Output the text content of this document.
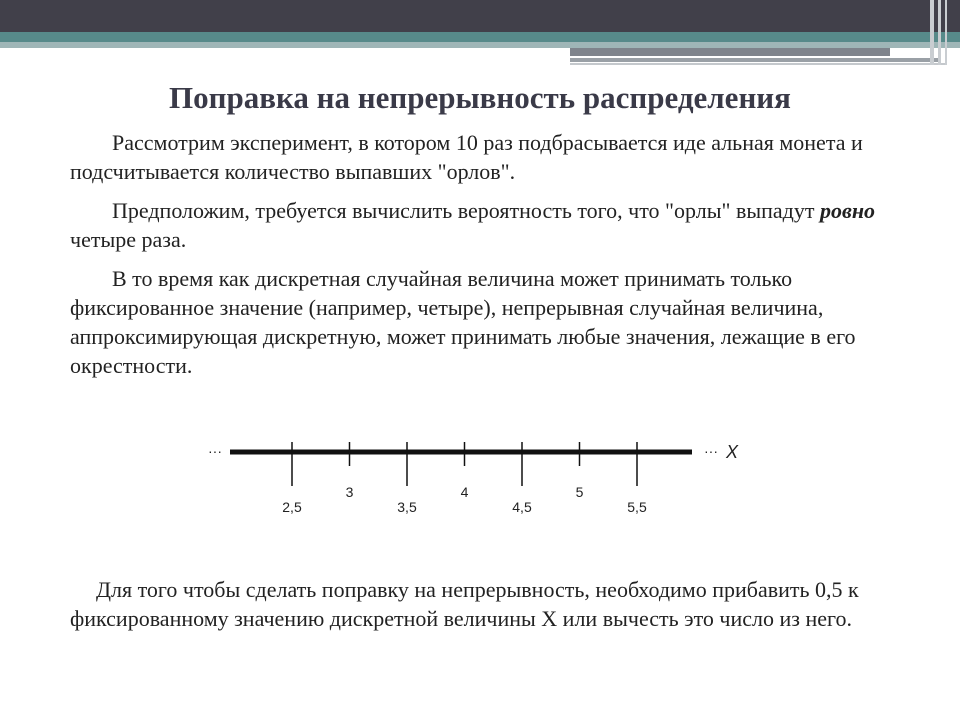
Поправка на непрерывность распределения

Рассмотрим эксперимент, в котором 10 раз подбрасывается иде альная монета и подсчитывается количество выпавших "орлов".

Предположим, требуется вычислить вероятность того, что "орлы" выпадут ровно четыре раза.

В то время как дискретная случайная величина может принимать только фиксированное значение (например, четыре), непрерывная случайная величина, аппроксимирующая дискретную, может принимать любые значения, лежащие в его окрестности.

···	··· X
2,5
3
3,5
4
4,5
5
5,5

Для того чтобы сделать поправку на непрерывность, необходимо прибавить 0,5 к фиксированному значению дискретной величины X или вычесть это число из него.
